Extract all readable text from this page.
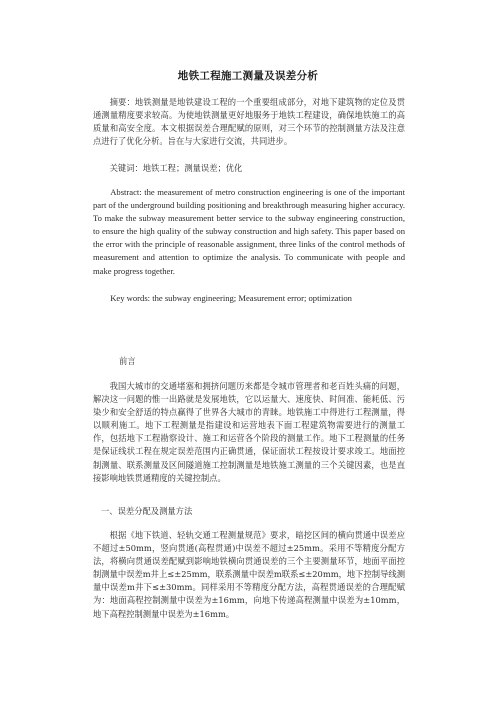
地铁工程施工测量及误差分析
摘要：地铁测量是地铁建设工程的一个重要组成部分，对地下建筑物的定位及贯通测量精度要求较高。为使地铁测量更好地服务于地铁工程建设，确保地铁施工的高质量和高安全度。本文根据误差合理配赋的原则，对三个环节的控制测量方法及注意点进行了优化分析。旨在与大家进行交流，共同进步。
关键词：地铁工程；测量误差；优化
Abstract: the measurement of metro construction engineering is one of the important part of the underground building positioning and breakthrough measuring higher accuracy. To make the subway measurement better service to the subway engineering construction, to ensure the high quality of the subway construction and high safety. This paper based on the error with the principle of reasonable assignment, three links of the control methods of measurement and attention to optimize the analysis. To communicate with people and make progress together.
Key words: the subway engineering; Measurement error; optimization
前言
我国大城市的交通堵塞和拥挤问题历来都是令城市管理者和老百姓头痛的问题，解决这一问题的惟一出路就是发展地铁，它以运量大、速度快、时间准、能耗低、污染少和安全舒适的特点赢得了世界各大城市的青睐。地铁施工中得进行工程测量，得以顺利施工。地下工程测量是指建设和运营地表下面工程建筑物需要进行的测量工作，包括地下工程勘察设计、施工和运营各个阶段的测量工作。地下工程测量的任务是保证线状工程在规定误差范围内正确贯通，保证面状工程按设计要求竣工。地面控制测量、联系测量及区间隧道施工控制测量是地铁施工测量的三个关键因素，也是直接影响地铁贯通精度的关键控制点。
一、误差分配及测量方法
根据《地下铁道、轻轨交通工程测量规范》要求，暗挖区间的横向贯通中误差应不超过±50mm，竖向贯通(高程贯通)中误差不超过±25mm。采用不等精度分配方法，将横向贯通误差配赋到影响地铁横向贯通误差的三个主要测量环节，地面平面控制测量中误差m井上≤±25mm，联系测量中误差m联系≤±20mm，地下控制导线测量中误差m井下≤±30mm。同样采用不等精度分配方法，高程贯通误差的合理配赋为：地面高程控制测量中误差为±16mm，向地下传递高程测量中误差为±10mm，地下高程控制测量中误差为±16mm。
